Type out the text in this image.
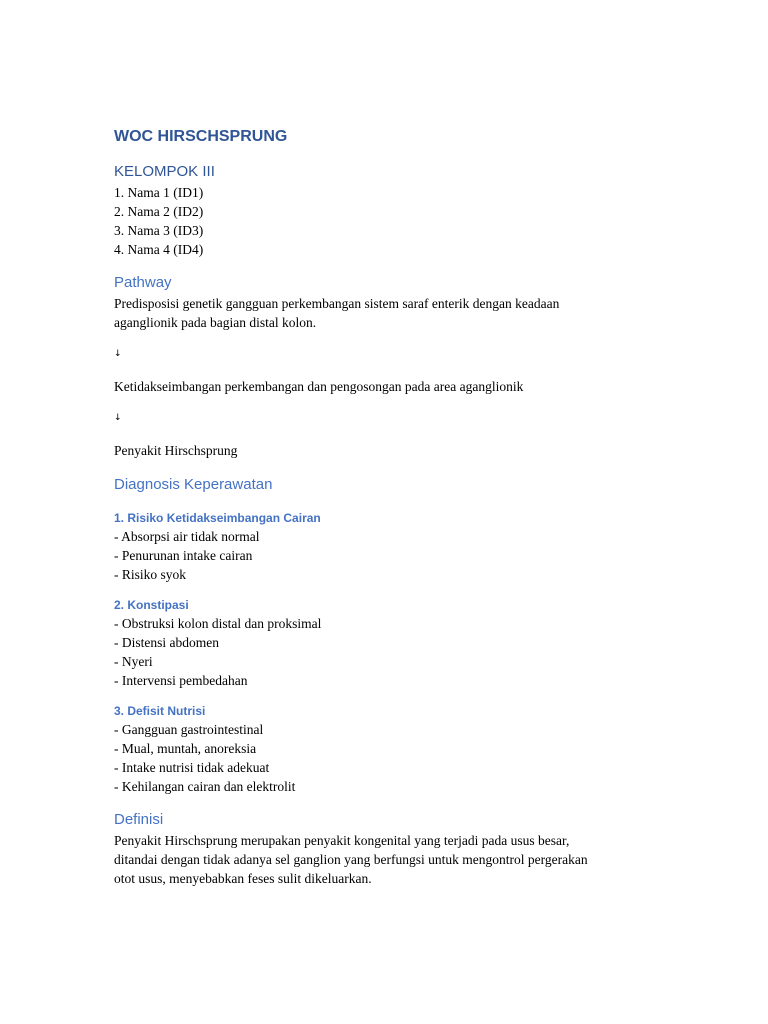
WOC HIRSCHSPRUNG
KELOMPOK III
1. Nama 1 (ID1)
2. Nama 2 (ID2)
3. Nama 3 (ID3)
4. Nama 4 (ID4)
Pathway
Predisposisi genetik gangguan perkembangan sistem saraf enterik dengan keadaan
aganglionik pada bagian distal kolon.
↓
Ketidakseimbangan perkembangan dan pengosongan pada area aganglionik
↓
Penyakit Hirschsprung
Diagnosis Keperawatan
1. Risiko Ketidakseimbangan Cairan
- Absorpsi air tidak normal
- Penurunan intake cairan
- Risiko syok
2. Konstipasi
- Obstruksi kolon distal dan proksimal
- Distensi abdomen
- Nyeri
- Intervensi pembedahan
3. Defisit Nutrisi
- Gangguan gastrointestinal
- Mual, muntah, anoreksia
- Intake nutrisi tidak adekuat
- Kehilangan cairan dan elektrolit
Definisi
Penyakit Hirschsprung merupakan penyakit kongenital yang terjadi pada usus besar,
ditandai dengan tidak adanya sel ganglion yang berfungsi untuk mengontrol pergerakan
otot usus, menyebabkan feses sulit dikeluarkan.
